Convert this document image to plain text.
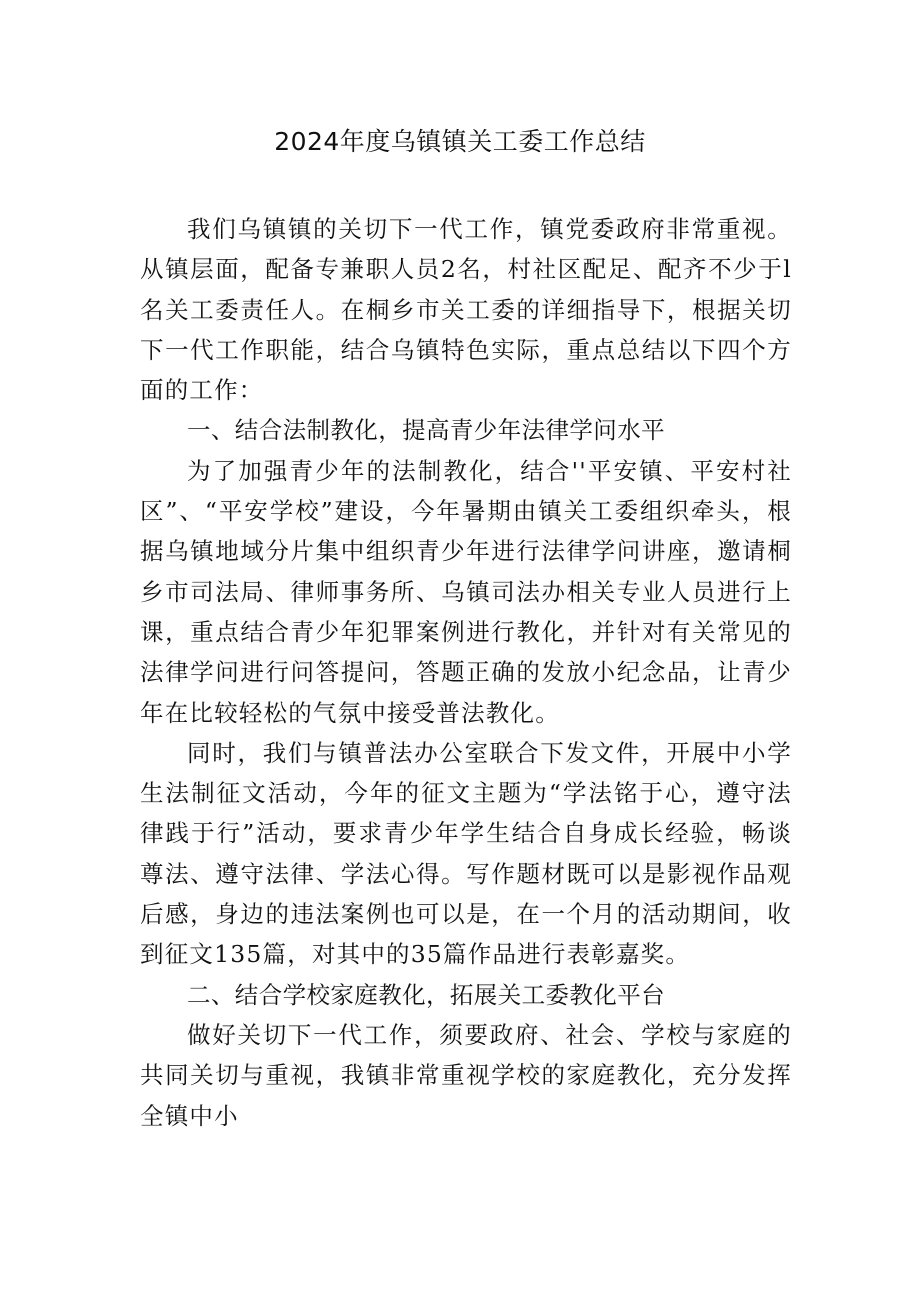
2024年度乌镇镇关工委工作总结

我们乌镇镇的关切下一代工作，镇党委政府非常重视。从镇层面，配备专兼职人员2名，村社区配足、配齐不少于l名关工委责任人。在桐乡市关工委的详细指导下，根据关切下一代工作职能，结合乌镇特色实际，重点总结以下四个方面的工作：

一、结合法制教化，提高青少年法律学问水平

为了加强青少年的法制教化，结合''平安镇、平安村社区”、“平安学校”建设，今年暑期由镇关工委组织牵头，根据乌镇地域分片集中组织青少年进行法律学问讲座，邀请桐乡市司法局、律师事务所、乌镇司法办相关专业人员进行上课，重点结合青少年犯罪案例进行教化，并针对有关常见的法律学问进行问答提问，答题正确的发放小纪念品，让青少年在比较轻松的气氛中接受普法教化。

同时，我们与镇普法办公室联合下发文件，开展中小学生法制征文活动，今年的征文主题为“学法铭于心，遵守法律践于行”活动，要求青少年学生结合自身成长经验，畅谈尊法、遵守法律、学法心得。写作题材既可以是影视作品观后感，身边的违法案例也可以是，在一个月的活动期间，收到征文135篇，对其中的35篇作品进行表彰嘉奖。

二、结合学校家庭教化，拓展关工委教化平台

做好关切下一代工作，须要政府、社会、学校与家庭的共同关切与重视，我镇非常重视学校的家庭教化，充分发挥全镇中小
